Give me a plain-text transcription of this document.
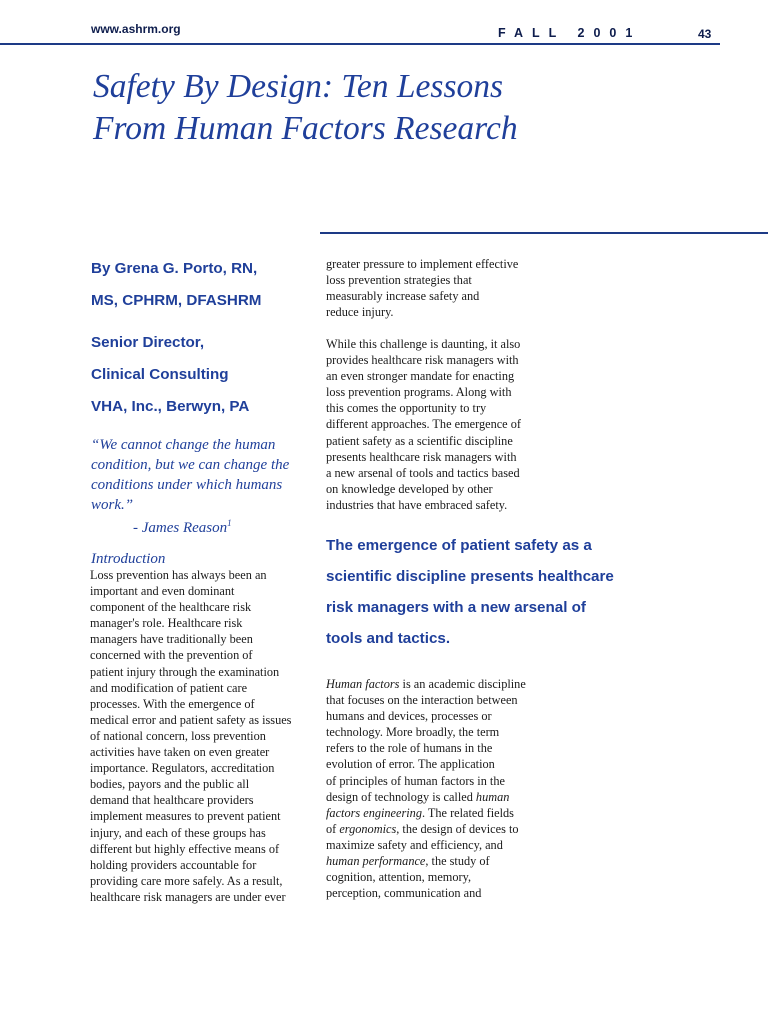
www.ashrm.org	FALL 2001	43
Safety By Design: Ten Lessons
From Human Factors Research
By Grena G. Porto, RN,
MS, CPHRM, DFASHRM
Senior Director,
Clinical Consulting
VHA, Inc., Berwyn, PA

“We cannot change the human condition, but we can change the conditions under which humans work.”

- James Reason$^1$
Introduction
Loss prevention has always been an
important and even dominant
component of the healthcare risk
manager's role. Healthcare risk
managers have traditionally been
concerned with the prevention of
patient injury through the examination
and modification of patient care
processes. With the emergence of
medical error and patient safety as issues
of national concern, loss prevention
activities have taken on even greater
importance. Regulators, accreditation
bodies, payors and the public all
demand that healthcare providers
implement measures to prevent patient
injury, and each of these groups has
different but highly effective means of
holding providers accountable for
providing care more safely. As a result,
healthcare risk managers are under ever
greater pressure to implement effective
loss prevention strategies that
measurably increase safety and
reduce injury.
While this challenge is daunting, it also
provides healthcare risk managers with
an even stronger mandate for enacting
loss prevention programs. Along with
this comes the opportunity to try
different approaches. The emergence of
patient safety as a scientific discipline
presents healthcare risk managers with
a new arsenal of tools and tactics based
on knowledge developed by other
industries that have embraced safety.
The emergence of patient safety as a
scientific discipline presents healthcare
risk managers with a new arsenal of
tools and tactics.
Human factors is an academic discipline
that focuses on the interaction between
humans and devices, processes or
technology. More broadly, the term
refers to the role of humans in the
evolution of error. The application
of principles of human factors in the
design of technology is called human
factors engineering. The related fields
of ergonomics, the design of devices to
maximize safety and efficiency, and
human performance, the study of
cognition, attention, memory,
perception, communication and
